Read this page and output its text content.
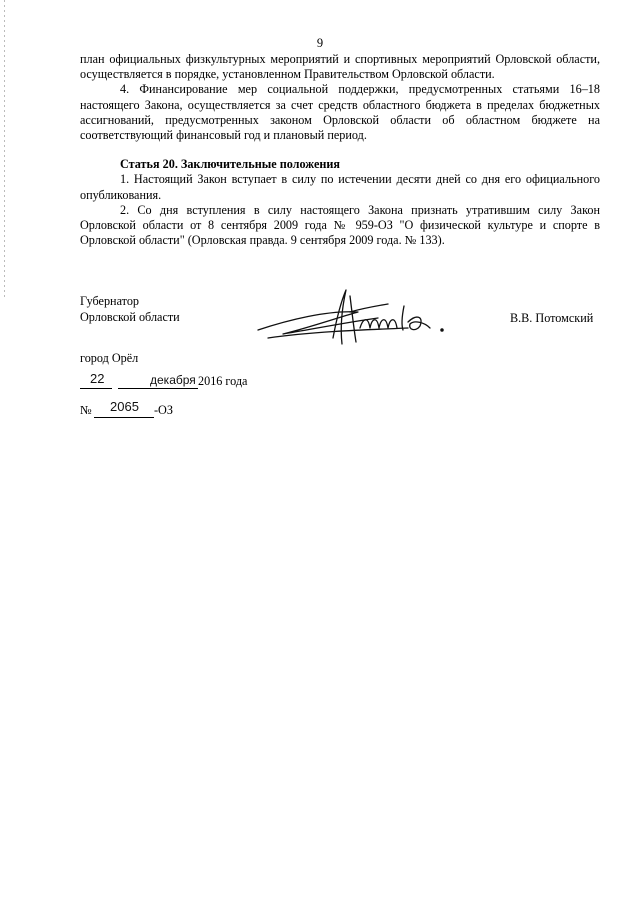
9

план официальных физкультурных мероприятий и спортивных мероприятий Орловской области, осуществляется в порядке, установленном Правительством Орловской области.

4. Финансирование мер социальной поддержки, предусмотренных статьями 16–18 настоящего Закона, осуществляется за счет средств областного бюджета в пределах бюджетных ассигнований, предусмотренных законом Орловской области об областном бюджете на соответствующий финансовый год и плановый период.

Статья 20. Заключительные положения

1. Настоящий Закон вступает в силу по истечении десяти дней со дня его официального опубликования.

2. Со дня вступления в силу настоящего Закона признать утратившим силу Закон Орловской области от 8 сентября 2009 года № 959-ОЗ "О физической культуре и спорте в Орловской области" (Орловская правда. 9 сентября 2009 года. № 133).

Губернатор
Орловской области	В.В. Потомский
город Орёл
22	декабря 2016 года
№ 2065 -ОЗ
